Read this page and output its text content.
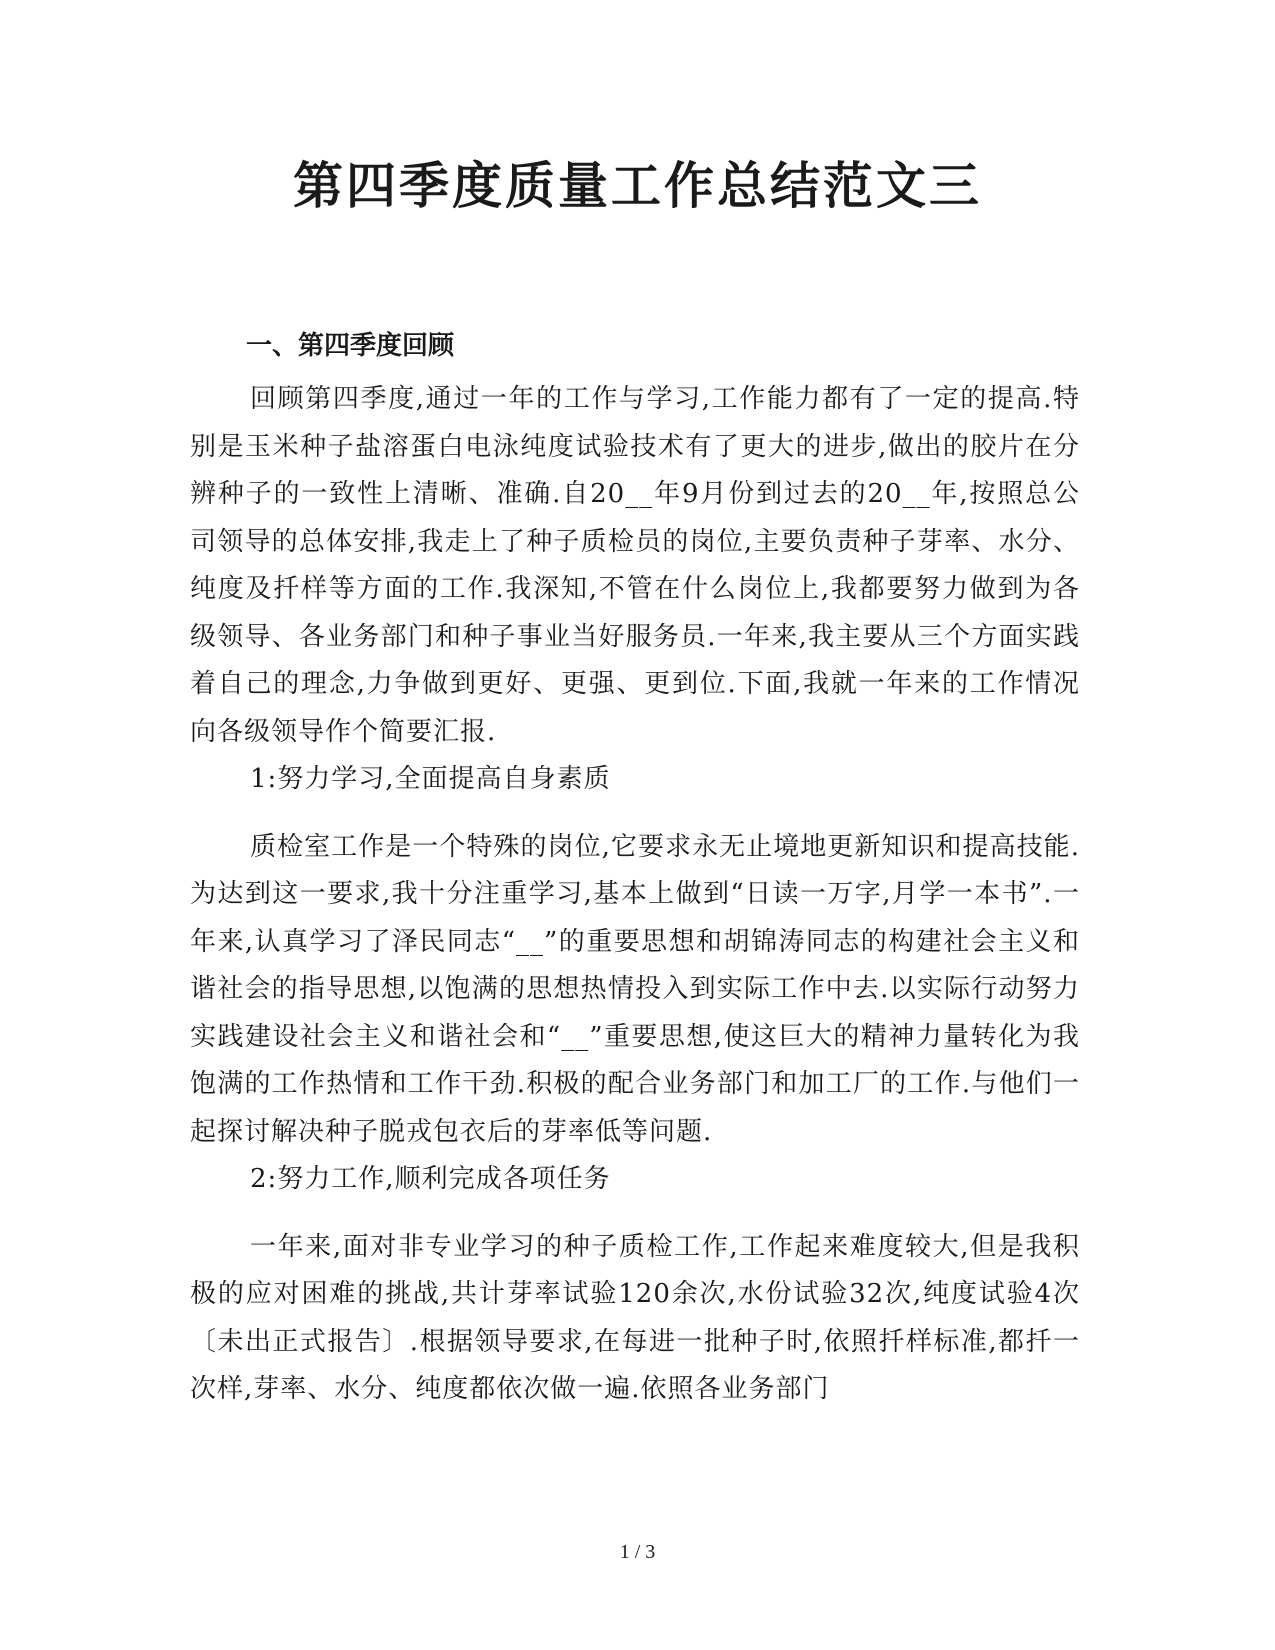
第四季度质量工作总结范文三
一、第四季度回顾

回顾第四季度,通过一年的工作与学习,工作能力都有了一定的提高.特别是玉米种子盐溶蛋白电泳纯度试验技术有了更大的进步,做出的胶片在分辨种子的一致性上清晰、准确.自20__年9月份到过去的20__年,按照总公司领导的总体安排,我走上了种子质检员的岗位,主要负责种子芽率、水分、纯度及扦样等方面的工作.我深知,不管在什么岗位上,我都要努力做到为各级领导、各业务部门和种子事业当好服务员.一年来,我主要从三个方面实践着自己的理念,力争做到更好、更强、更到位.下面,我就一年来的工作情况向各级领导作个简要汇报.

1:努力学习,全面提高自身素质

质检室工作是一个特殊的岗位,它要求永无止境地更新知识和提高技能.为达到这一要求,我十分注重学习,基本上做到“日读一万字,月学一本书”.一年来,认真学习了泽民同志“__”的重要思想和胡锦涛同志的构建社会主义和谐社会的指导思想,以饱满的思想热情投入到实际工作中去.以实际行动努力实践建设社会主义和谐社会和“__”重要思想,使这巨大的精神力量转化为我饱满的工作热情和工作干劲.积极的配合业务部门和加工厂的工作.与他们一起探讨解决种子脱戎包衣后的芽率低等问题.

2:努力工作,顺利完成各项任务

一年来,面对非专业学习的种子质检工作,工作起来难度较大,但是我积极的应对困难的挑战,共计芽率试验120余次,水份试验32次,纯度试验4次〔未出正式报告〕.根据领导要求,在每进一批种子时,依照扦样标准,都扦一次样,芽率、水分、纯度都依次做一遍.依照各业务部门

1 / 3
